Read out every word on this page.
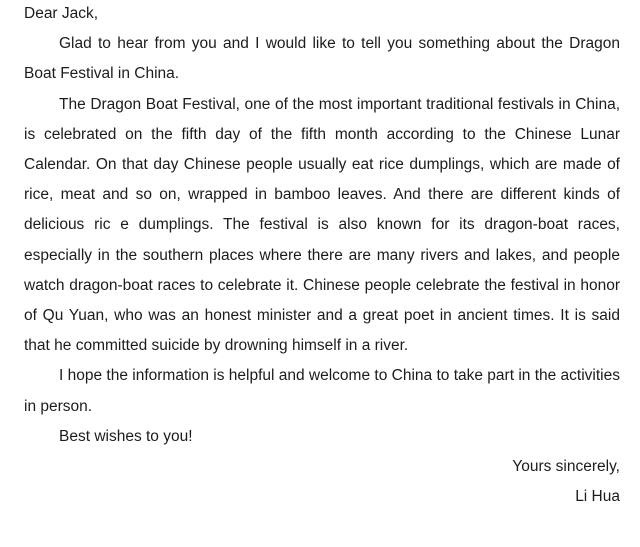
Dear Jack,

Glad to hear from you and I would like to tell you something about the Dragon Boat Festival in China.

The Dragon Boat Festival, one of the most important traditional festivals in China, is celebrated on the fifth day of the fifth month according to the Chinese Lunar Calendar. On that day Chinese people usually eat rice dumplings, which are made of rice, meat and so on, wrapped in bamboo leaves. And there are different kinds of delicious ric e dumplings. The festival is also known for its dragon-boat races, especially in the southern places where there are many rivers and lakes, and people watch dragon-boat races to celebrate it. Chinese people celebrate the festival in honor of Qu Yuan, who was an honest minister and a great poet in ancient times. It is said that he committed suicide by drowning himself in a river.

I hope the information is helpful and welcome to China to take part in the activities in person.

Best wishes to you!

Yours sincerely,

Li Hua
